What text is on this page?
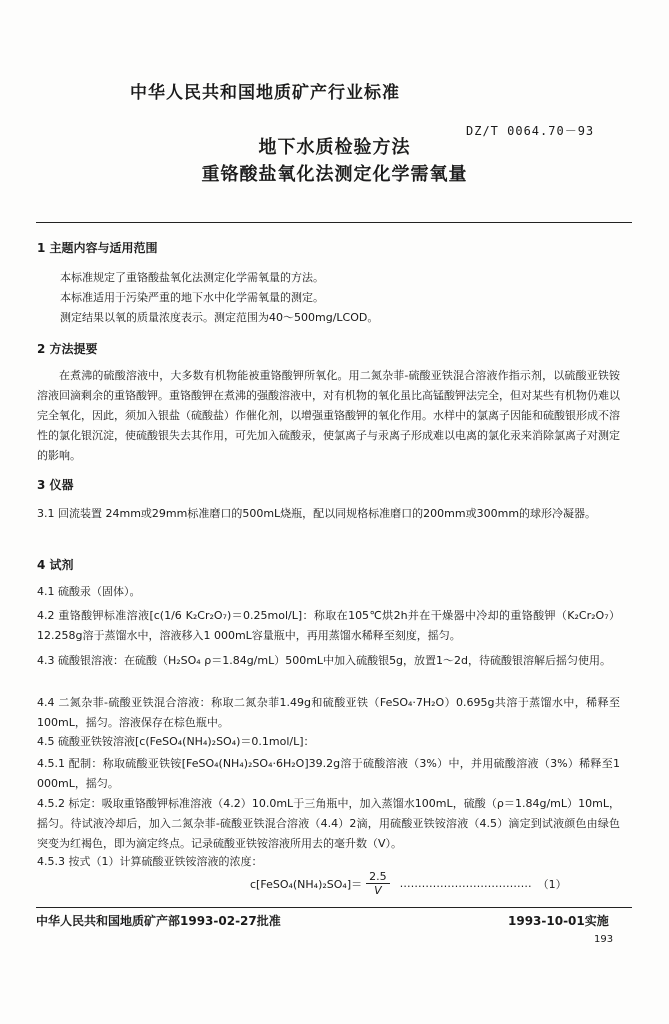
中华人民共和国地质矿产行业标准
DZ/T 0064.70－93
地下水质检验方法
重铬酸盐氧化法测定化学需氧量
1 主题内容与适用范围
本标准规定了重铬酸盐氧化法测定化学需氧量的方法。
本标准适用于污染严重的地下水中化学需氧量的测定。
测定结果以氧的质量浓度表示。测定范围为40～500mg/LCOD。
2 方法提要
在煮沸的硫酸溶液中，大多数有机物能被重铬酸钾所氧化。用二氮杂菲-硫酸亚铁混合溶液作指示剂，以硫酸亚铁铵溶液回滴剩余的重铬酸钾。重铬酸钾在煮沸的强酸溶液中，对有机物的氧化虽比高锰酸钾法完全，但对某些有机物仍难以完全氧化，因此，须加入银盐（硫酸盐）作催化剂，以增强重铬酸钾的氧化作用。水样中的氯离子因能和硫酸银形成不溶性的氯化银沉淀，使硫酸银失去其作用，可先加入硫酸汞，使氯离子与汞离子形成难以电离的氯化汞来消除氯离子对测定的影响。
3 仪器
3.1 回流装置 24mm或29mm标准磨口的500mL烧瓶，配以同规格标准磨口的200mm或300mm的球形冷凝器。
4 试剂
4.1 硫酸汞（固体）。
4.2 重铬酸钾标准溶液[c(1/6 K₂Cr₂O₇)＝0.25mol/L]：称取在105℃烘2h并在干燥器中冷却的重铬酸钾（K₂Cr₂O₇）12.258g溶于蒸馏水中，溶液移入1 000mL容量瓶中，再用蒸馏水稀释至刻度，摇匀。
4.3 硫酸银溶液：在硫酸（H₂SO₄ ρ＝1.84g/mL）500mL中加入硫酸银5g，放置1～2d，待硫酸银溶解后摇匀使用。
4.4 二氮杂菲-硫酸亚铁混合溶液：称取二氮杂菲1.49g和硫酸亚铁（FeSO₄·7H₂O）0.695g共溶于蒸馏水中，稀释至100mL，摇匀。溶液保存在棕色瓶中。
4.5 硫酸亚铁铵溶液[c(FeSO₄(NH₄)₂SO₄)＝0.1mol/L]：
4.5.1 配制：称取硫酸亚铁铵[FeSO₄(NH₄)₂SO₄·6H₂O]39.2g溶于硫酸溶液（3%）中，并用硫酸溶液（3%）稀释至1 000mL，摇匀。
4.5.2 标定：吸取重铬酸钾标准溶液（4.2）10.0mL于三角瓶中，加入蒸馏水100mL，硫酸（ρ＝1.84g/mL）10mL，摇匀。待试液冷却后，加入二氮杂菲-硫酸亚铁混合溶液（4.4）2滴，用硫酸亚铁铵溶液（4.5）滴定到试液颜色由绿色突变为红褐色，即为滴定终点。记录硫酸亚铁铵溶液所用去的毫升数（V）。
4.5.3 按式（1）计算硫酸亚铁铵溶液的浓度：
c[FeSO₄(NH₄)₂SO₄]＝ $\frac{2.5}{V}$ ……………………………… （1）
中华人民共和国地质矿产部1993-02-27批准	1993-10-01实施
193
